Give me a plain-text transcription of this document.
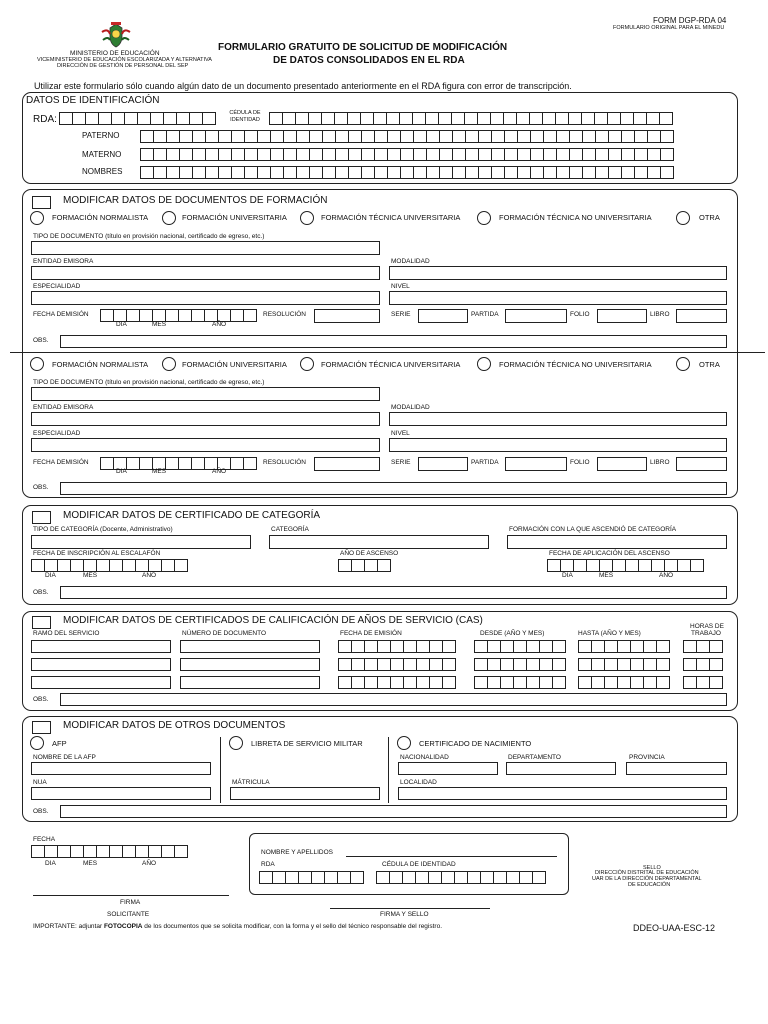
MINISTERIO DE EDUCACIÓN
VICEMINISTERIO DE EDUCACIÓN ESCOLARIZADA Y ALTERNATIVA
DIRECCIÓN DE GESTIÓN DE PERSONAL DEL SEP
FORMULARIO GRATUITO DE SOLICITUD DE MODIFICACIÓN
DE DATOS CONSOLIDADOS EN EL RDA
FORM DGP-RDA 04
FORMULARIO ORIGINAL PARA EL MINEDU
Utilizar este formulario sólo cuando algún dato de un documento presentado anteriormente en el RDA figura con error de transcripción.
DATOS DE IDENTIFICACIÓN
RDA:
CÉDULA DE IDENTIDAD
PATERNO
MATERNO
NOMBRES
MODIFICAR DATOS DE DOCUMENTOS DE FORMACIÓN
FORMACIÓN NORMALISTA	FORMACIÓN UNIVERSITARIA	FORMACIÓN TÉCNICA UNIVERSITARIA	FORMACIÓN TÉCNICA NO UNIVERSITARIA	OTRA
TIPO DE DOCUMENTO (título en provisión nacional, certificado de egreso, etc.)
ENTIDAD EMISORA	MODALIDAD
ESPECIALIDAD	NIVEL
FECHA DEMISIÓN
DIA	MES	AÑO
RESOLUCIÓN	SERIE	PARTIDA	FOLIO	LIBRO
OBS.
FORMACIÓN NORMALISTA	FORMACIÓN UNIVERSITARIA	FORMACIÓN TÉCNICA UNIVERSITARIA	FORMACIÓN TÉCNICA NO UNIVERSITARIA	OTRA
TIPO DE DOCUMENTO (título en provisión nacional, certificado de egreso, etc.)
ENTIDAD EMISORA	MODALIDAD
ESPECIALIDAD	NIVEL
FECHA DEMISIÓN
DIA	MES	AÑO
RESOLUCIÓN	SERIE	PARTIDA	FOLIO	LIBRO
OBS.
MODIFICAR DATOS DE CERTIFICADO DE CATEGORÍA
TIPO DE CATEGORÍA (Docente, Administrativo)	CATEGORÍA	FORMACIÓN CON LA QUE ASCENDIÓ DE CATEGORÍA
FECHA DE INSCRIPCIÓN AL ESCALAFÓN
DIA	MES	AÑO
AÑO DE ASCENSO	FECHA DE APLICACIÓN DEL ASCENSO
DIA	MES	AÑO
OBS.
MODIFICAR DATOS DE CERTIFICADOS DE CALIFICACIÓN DE AÑOS DE SERVICIO (CAS)
RAMO DEL SERVICIO	NÚMERO DE DOCUMENTO	FECHA DE EMISIÓN	DESDE (AÑO Y MES)	HASTA (AÑO Y MES)
HORAS DE
TRABAJO
OBS.
MODIFICAR DATOS DE OTROS DOCUMENTOS
AFP	LIBRETA DE SERVICIO MILITAR	CERTIFICADO DE NACIMIENTO
NOMBRE DE LA AFP	NACIONALIDAD	DEPARTAMENTO	PROVINCIA
NUA	MÁTRICULA	LOCALIDAD
OBS.
FECHA
DIA	MES	AÑO
FIRMA
SOLICITANTE
NOMBRE Y APELLIDOS
RDA	CÉDULA DE IDENTIDAD
FIRMA Y SELLO
SELLO
DIRECCIÓN DISTRITAL DE EDUCACIÓN
UAR DE LA DIRECCIÓN DEPARTAMENTAL
DE EDUCACIÓN
IMPORTANTE: adjuntar FOTOCOPIA de los documentos que se solicita modificar, con la forma y el sello del técnico responsable del registro.	DDEO-UAA-ESC-12
